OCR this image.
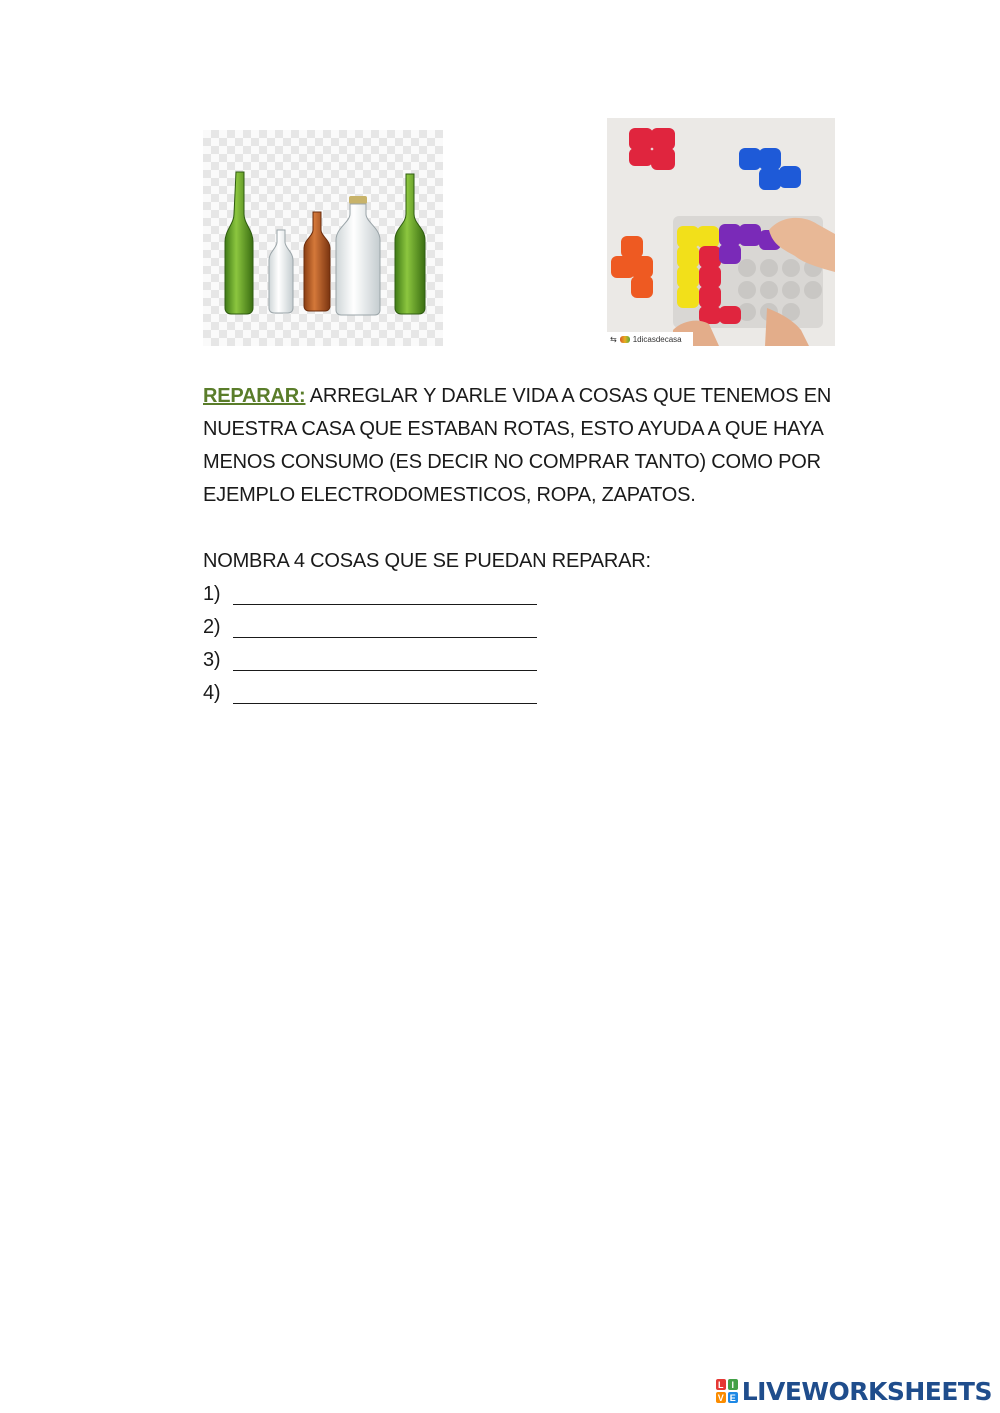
⇆ 1dicasdecasa

REPARAR: ARREGLAR Y DARLE VIDA A COSAS QUE TENEMOS EN NUESTRA CASA QUE ESTABAN ROTAS, ESTO AYUDA A QUE HAYA MENOS CONSUMO (ES DECIR NO COMPRAR TANTO) COMO POR EJEMPLO ELECTRODOMESTICOS, ROPA, ZAPATOS.

NOMBRA 4 COSAS QUE SE PUEDAN REPARAR:

1)
2)
3)
4)
L I
V E LIVEWORKSHEETS
